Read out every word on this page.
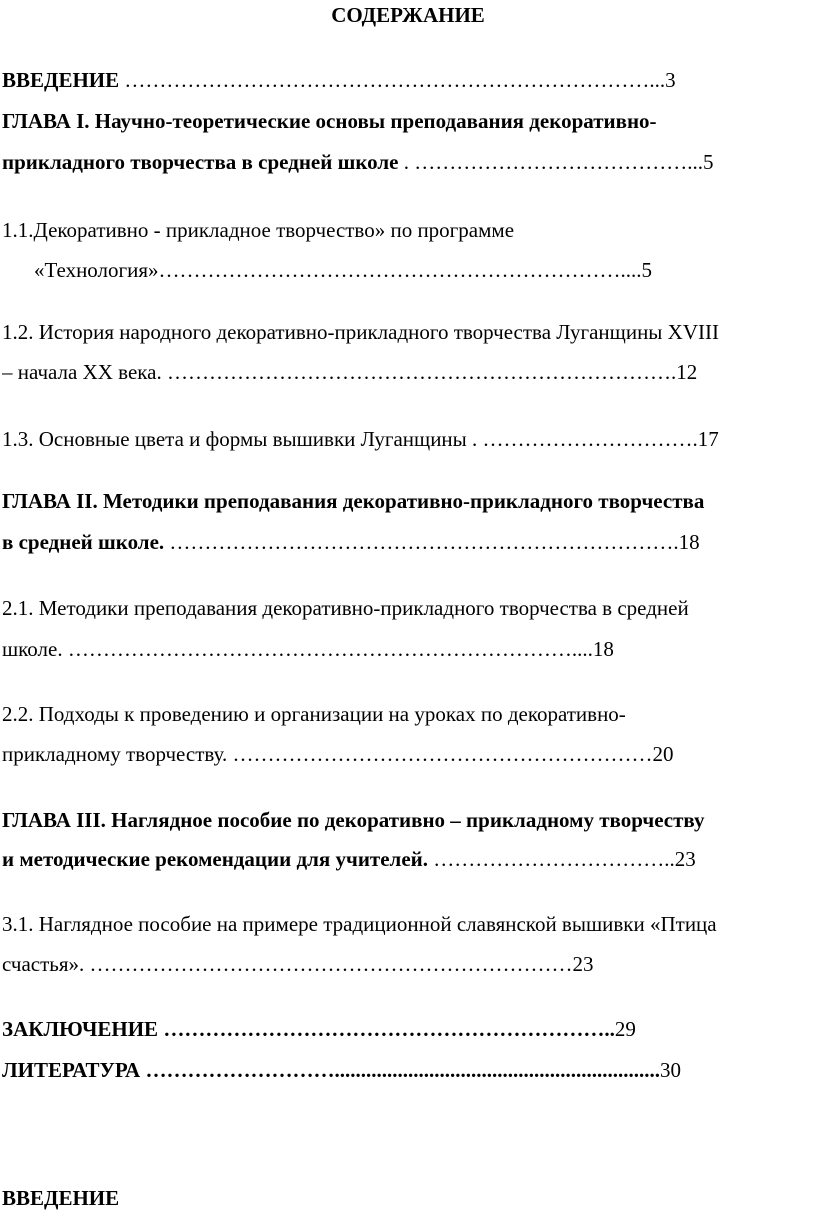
СОДЕРЖАНИЕ
ВВЕДЕНИЕ …………………………………………………………………...3
ГЛАВА I. Научно-теоретические основы преподавания декоративно-
прикладного творчества в средней школе . …………………………………...5
1.1.Декоративно - прикладное творчество» по программе
«Технология»…………………………………………………………....5
1.2. История народного декоративно-прикладного творчества Луганщины XVIII
– начала XX века. ……………………………………………………………….12
1.3. Основные цвета и формы вышивки Луганщины . ………………………….17
ГЛАВА II. Методики преподавания декоративно-прикладного творчества
в средней школе. ……………………………………………………………….18
2.1. Методики преподавания декоративно-прикладного творчества в средней
школе. ………………………………………………………………....18
2.2. Подходы к проведению и организации на уроках по декоративно-
прикладному творчеству. ……………………………………………………20
ГЛАВА III. Наглядное пособие по декоративно – прикладному творчеству
и методические рекомендации для учителей. ……………………………..23
3.1. Наглядное пособие на примере традиционной славянской вышивки «Птица
счастья». ……………………………………………………………23
ЗАКЛЮЧЕНИЕ ………………………………………………………..29
ЛИТЕРАТУРА ………………………..............................................................30
ВВЕДЕНИЕ
